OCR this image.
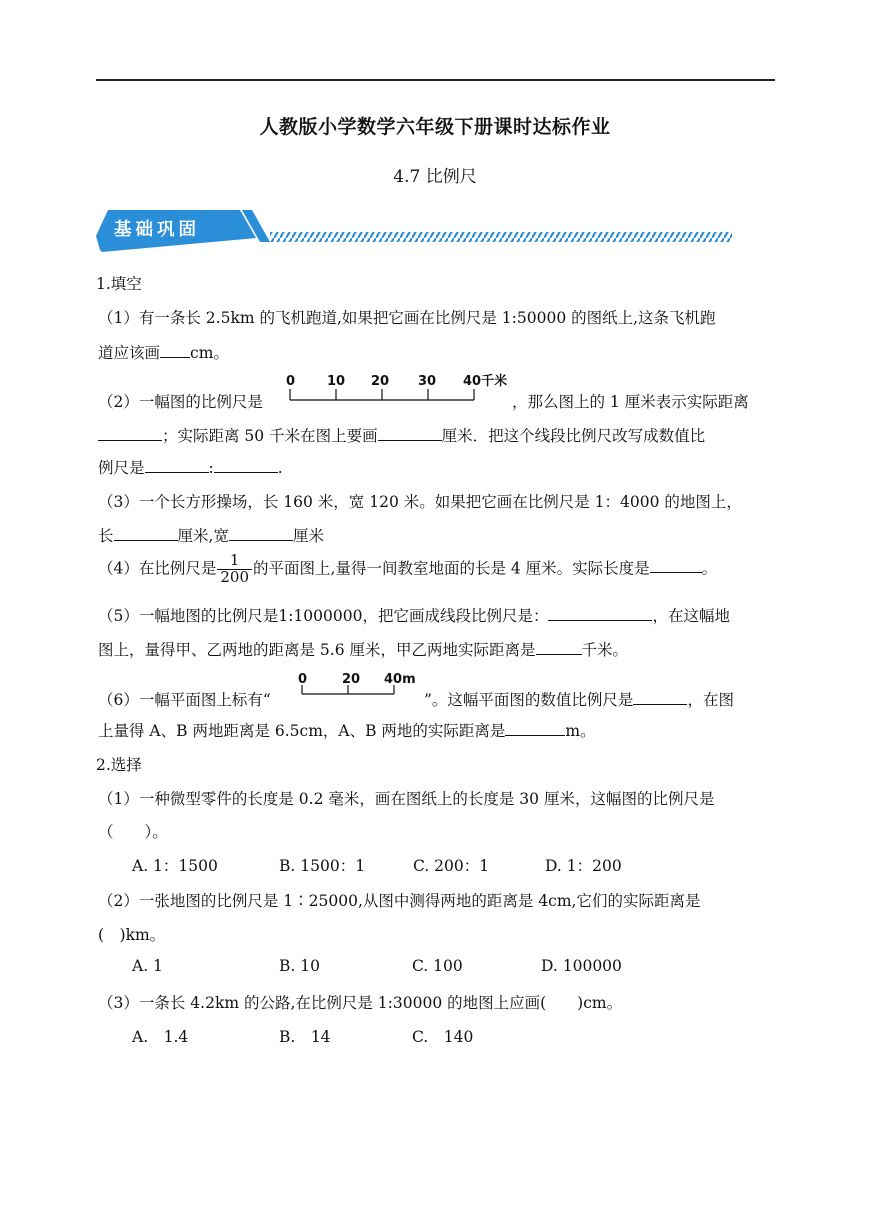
人教版小学数学六年级下册课时达标作业
4.7 比例尺
基础巩固
1.填空
（1）有一条长 2.5km 的飞机跑道,如果把它画在比例尺是 1:50000 的图纸上,这条飞机跑
道应该画 cm。
（2）一幅图的比例尺是
0 10 20 30 40千米
，那么图上的 1 厘米表示实际距离
；实际距离 50 千米在图上要画	厘米．把这个线段比例尺改写成数值比
例尺是	:	.
（3）一个长方形操场，长 160 米，宽 120 米。如果把它画在比例尺是 1：4000 的地图上，
长	厘米,宽	厘米
（4）在比例尺是 $\frac{1}{200}$ 的平面图上,量得一间教室地面的长是 4 厘米。实际长度是	。
（5）一幅地图的比例尺是1:1000000，把它画成线段比例尺是：	，在这幅地
图上，量得甲、乙两地的距离是 5.6 厘米，甲乙两地实际距离是	千米。
（6）一幅平面图上标有“
0	20 40m
”。这幅平面图的数值比例尺是	，在图
上量得 A、B 两地距离是 6.5cm，A、B 两地的实际距离是	m。
2.选择
（1）一种微型零件的长度是 0.2 毫米，画在图纸上的长度是 30 厘米，这幅图的比例尺是
（　　）。
A. 1：1500	B. 1500：1	C. 200：1	D. 1：200
（2）一张地图的比例尺是 1∶25000,从图中测得两地的距离是 4cm,它们的实际距离是
(　)km。
A. 1	B. 10	C. 100	D. 100000
（3）一条长 4.2km 的公路,在比例尺是 1:30000 的地图上应画(　　)cm。
A.　1.4	B.　14	C.　140
